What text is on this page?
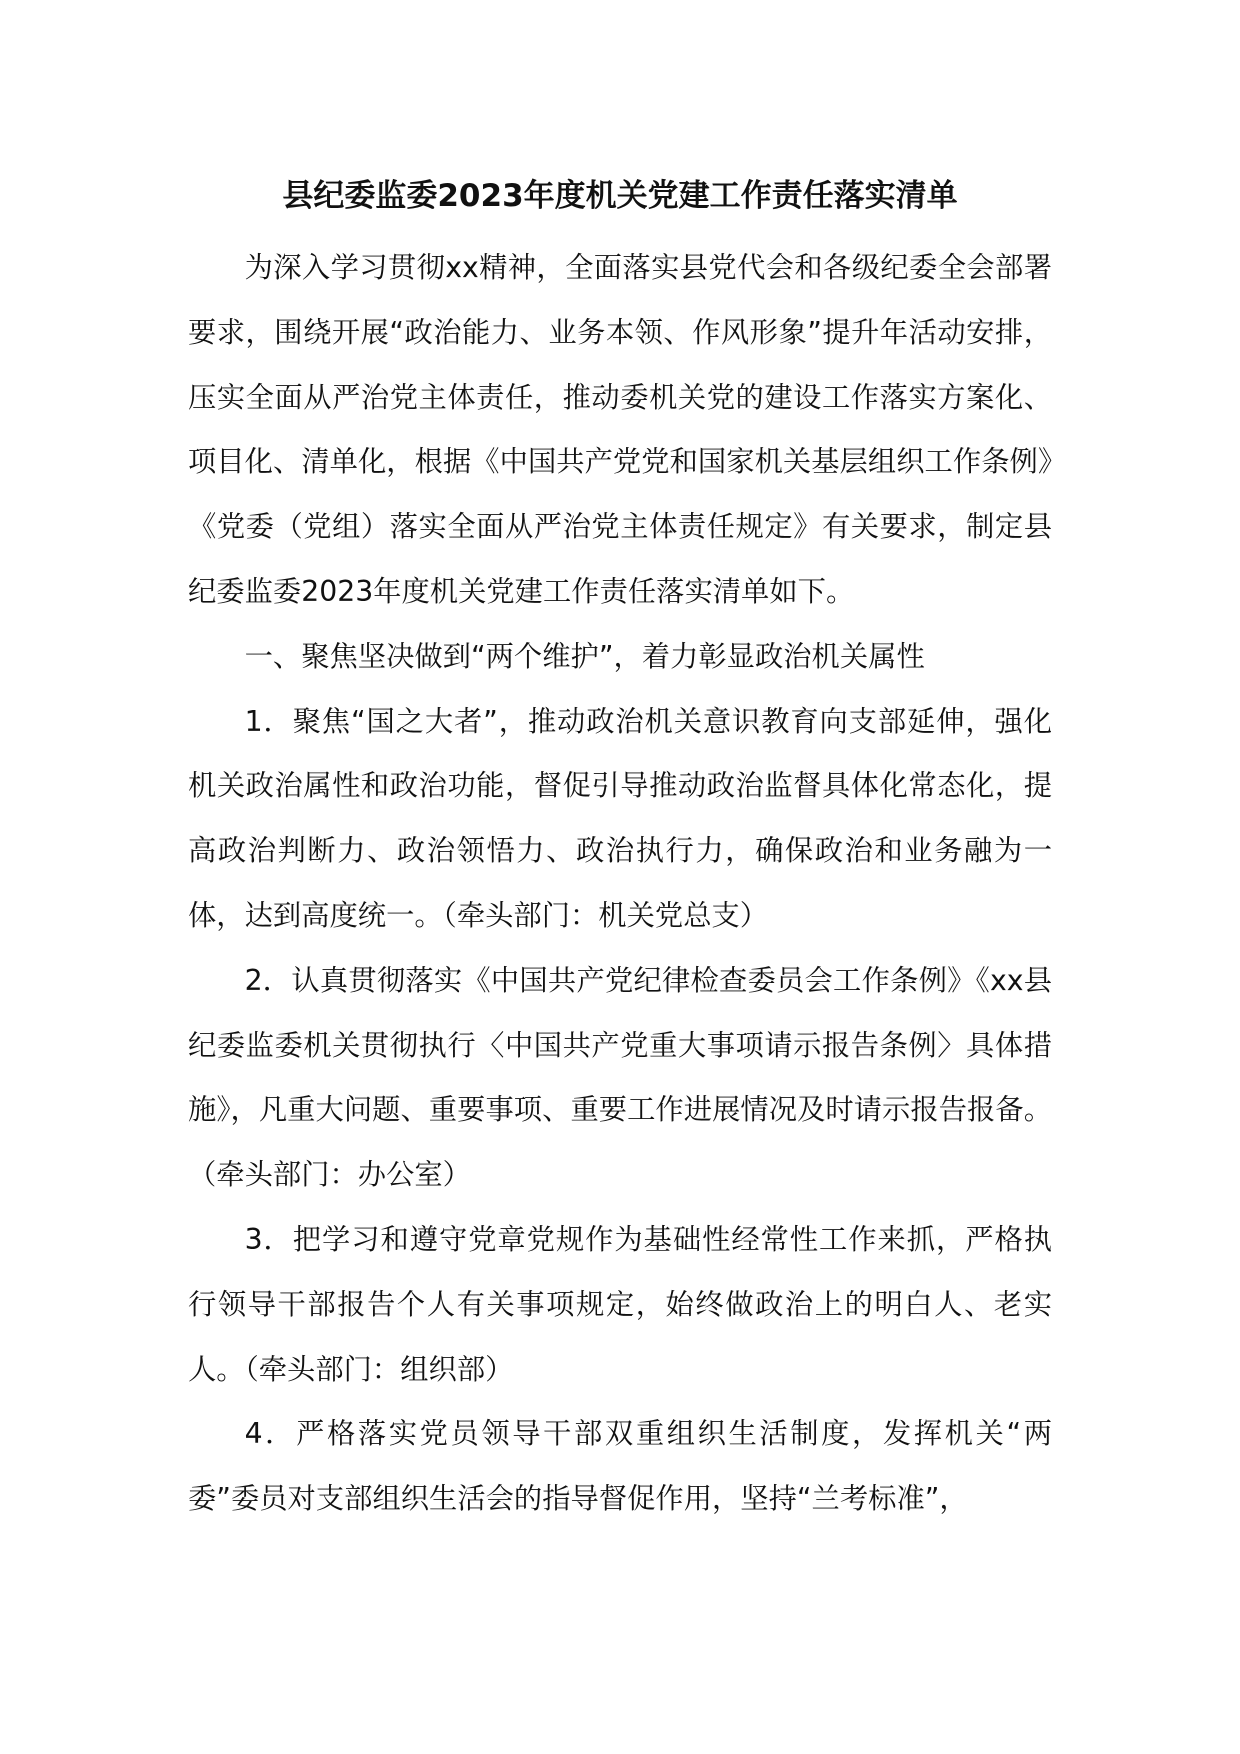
县纪委监委2023年度机关党建工作责任落实清单

为深入学习贯彻xx精神，全面落实县党代会和各级纪委全会部署要求，围绕开展“政治能力、业务本领、作风形象”提升年活动安排，压实全面从严治党主体责任，推动委机关党的建设工作落实方案化、项目化、清单化，根据《中国共产党党和国家机关基层组织工作条例》《党委（党组）落实全面从严治党主体责任规定》有关要求，制定县纪委监委2023年度机关党建工作责任落实清单如下。

一、聚焦坚决做到“两个维护”，着力彰显政治机关属性

1．聚焦“国之大者”，推动政治机关意识教育向支部延伸，强化机关政治属性和政治功能，督促引导推动政治监督具体化常态化，提高政治判断力、政治领悟力、政治执行力，确保政治和业务融为一体，达到高度统一。（牵头部门：机关党总支）

2．认真贯彻落实《中国共产党纪律检查委员会工作条例》《xx县纪委监委机关贯彻执行〈中国共产党重大事项请示报告条例〉具体措施》，凡重大问题、重要事项、重要工作进展情况及时请示报告报备。（牵头部门：办公室）

3．把学习和遵守党章党规作为基础性经常性工作来抓，严格执行领导干部报告个人有关事项规定，始终做政治上的明白人、老实人。（牵头部门：组织部）

4．严格落实党员领导干部双重组织生活制度，发挥机关“两委”委员对支部组织生活会的指导督促作用，坚持“兰考标准”，
